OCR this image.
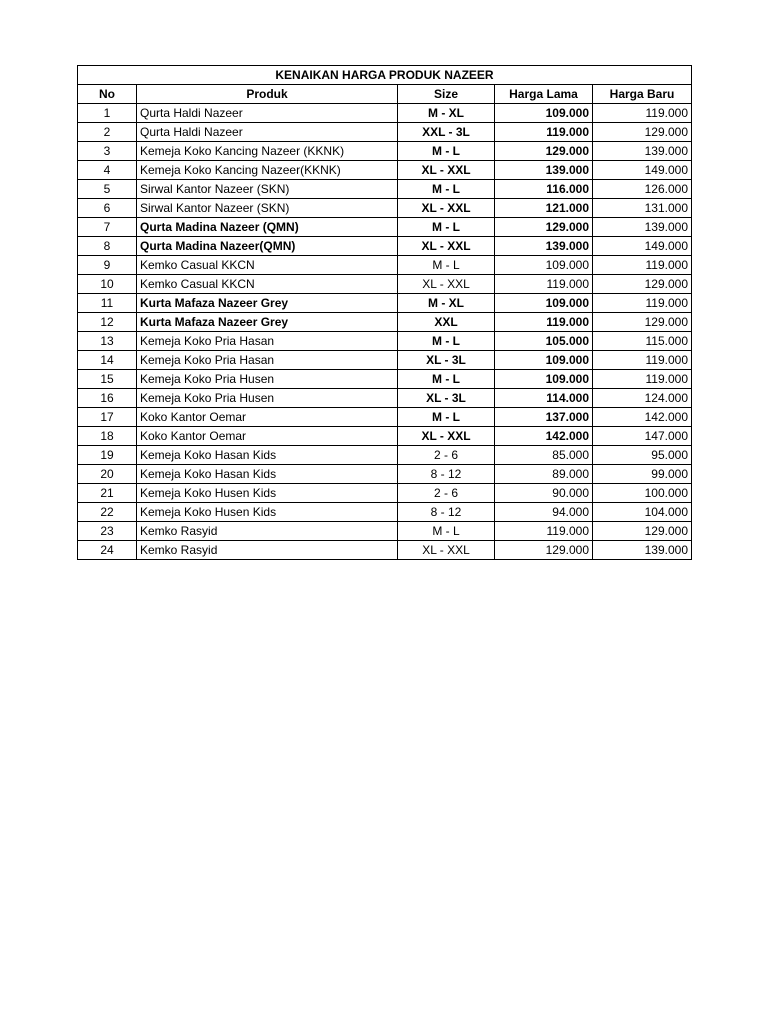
KENAIKAN HARGA PRODUK NAZEER				
No	Produk	Size	Harga Lama	Harga Baru
1	Qurta Haldi Nazeer	M - XL	109.000	119.000
2	Qurta Haldi Nazeer	XXL - 3L	119.000	129.000
3	Kemeja Koko Kancing Nazeer (KKNK)	M - L	129.000	139.000
4	Kemeja Koko Kancing Nazeer(KKNK)	XL - XXL	139.000	149.000
5	Sirwal Kantor Nazeer (SKN)	M - L	116.000	126.000
6	Sirwal Kantor Nazeer (SKN)	XL - XXL	121.000	131.000
7	Qurta Madina Nazeer (QMN)	M - L	129.000	139.000
8	Qurta Madina Nazeer(QMN)	XL - XXL	139.000	149.000
9	Kemko Casual KKCN	M - L	109.000	119.000
10	Kemko Casual KKCN	XL - XXL	119.000	129.000
11	Kurta Mafaza Nazeer Grey	M - XL	109.000	119.000
12	Kurta Mafaza Nazeer Grey	XXL	119.000	129.000
13	Kemeja Koko Pria Hasan	M - L	105.000	115.000
14	Kemeja Koko Pria Hasan	XL - 3L	109.000	119.000
15	Kemeja Koko Pria Husen	M - L	109.000	119.000
16	Kemeja Koko Pria Husen	XL - 3L	114.000	124.000
17	Koko Kantor Oemar	M - L	137.000	142.000
18	Koko Kantor Oemar	XL - XXL	142.000	147.000
19	Kemeja Koko Hasan Kids	2 - 6	85.000	95.000
20	Kemeja Koko Hasan Kids	8 - 12	89.000	99.000
21	Kemeja Koko Husen Kids	2 - 6	90.000	100.000
22	Kemeja Koko Husen Kids	8 - 12	94.000	104.000
23	Kemko Rasyid	M - L	119.000	129.000
24	Kemko Rasyid	XL - XXL	129.000	139.000
